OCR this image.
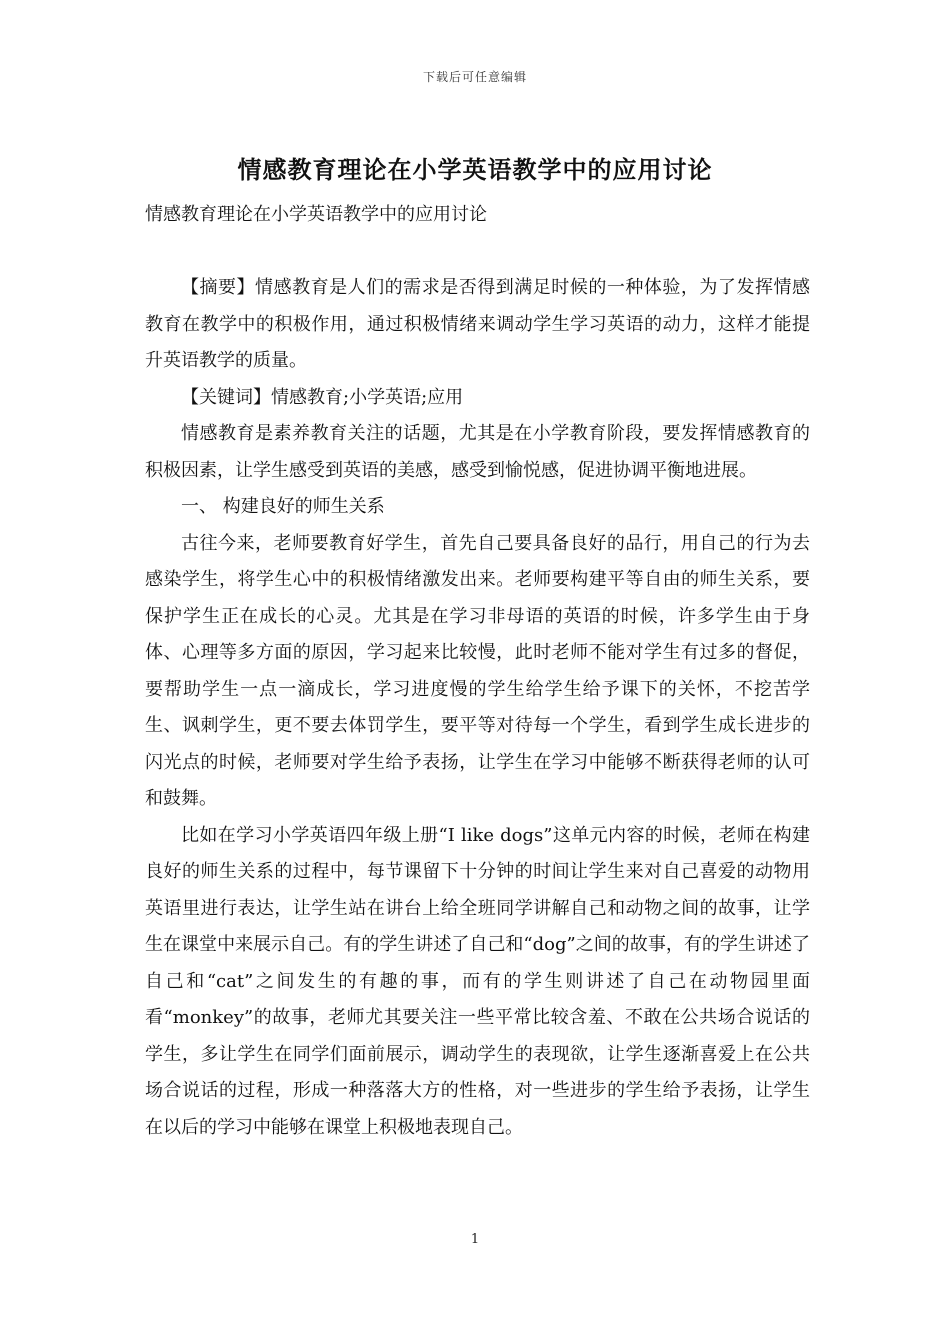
下载后可任意编辑
情感教育理论在小学英语教学中的应用讨论

情感教育理论在小学英语教学中的应用讨论

【摘要】情感教育是人们的需求是否得到满足时候的一种体验，为了发挥情感教育在教学中的积极作用，通过积极情绪来调动学生学习英语的动力，这样才能提升英语教学的质量。

【关键词】情感教育;小学英语;应用

情感教育是素养教育关注的话题，尤其是在小学教育阶段，要发挥情感教育的积极因素，让学生感受到英语的美感，感受到愉悦感，促进协调平衡地进展。

一、 构建良好的师生关系

古往今来，老师要教育好学生，首先自己要具备良好的品行，用自己的行为去感染学生，将学生心中的积极情绪激发出来。老师要构建平等自由的师生关系，要保护学生正在成长的心灵。尤其是在学习非母语的英语的时候，许多学生由于身体、心理等多方面的原因，学习起来比较慢，此时老师不能对学生有过多的督促，要帮助学生一点一滴成长，学习进度慢的学生给学生给予课下的关怀，不挖苦学生、讽刺学生，更不要去体罚学生，要平等对待每一个学生，看到学生成长进步的闪光点的时候，老师要对学生给予表扬，让学生在学习中能够不断获得老师的认可和鼓舞。

比如在学习小学英语四年级上册“I like dogs”这单元内容的时候，老师在构建良好的师生关系的过程中，每节课留下十分钟的时间让学生来对自己喜爱的动物用英语里进行表达，让学生站在讲台上给全班同学讲解自己和动物之间的故事，让学生在课堂中来展示自己。有的学生讲述了自己和“dog”之间的故事，有的学生讲述了自己和“cat”之间发生的有趣的事，而有的学生则讲述了自己在动物园里面看“monkey”的故事，老师尤其要关注一些平常比较含羞、不敢在公共场合说话的学生，多让学生在同学们面前展示，调动学生的表现欲，让学生逐渐喜爱上在公共场合说话的过程，形成一种落落大方的性格，对一些进步的学生给予表扬，让学生在以后的学习中能够在课堂上积极地表现自己。

1
